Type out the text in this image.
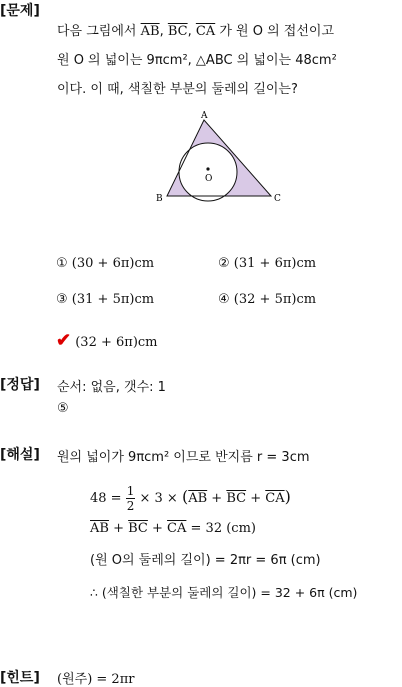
[문제]
다음 그림에서 $\overline{AB}$, $\overline{BC}$, $\overline{CA}$ 가 원 O 의 접선이고
원 O 의 넓이는 9πcm², △ABC 의 넓이는 48cm²
이다. 이 때, 색칠한 부분의 둘레의 길이는?
A
O
B	C
① (30 + 6π)cm	② (31 + 6π)cm
③ (31 + 5π)cm	④ (32 + 5π)cm
✔ (32 + 6π)cm
[정답] 순서: 없음, 갯수: 1
⑤
[해설] 원의 넓이가 9πcm² 이므로 반지름 r = 3cm
$48 = \frac{1}{2} \times 3 \times (\overline{AB} + \overline{BC} + \overline{CA})$
$\overline{AB} + \overline{BC} + \overline{CA} = 32$ (cm)
(원 O의 둘레의 길이) = 2πr = 6π (cm)
∴ (색칠한 부분의 둘레의 길이) = 32 + 6π (cm)
[힌트] (원주) = 2πr
